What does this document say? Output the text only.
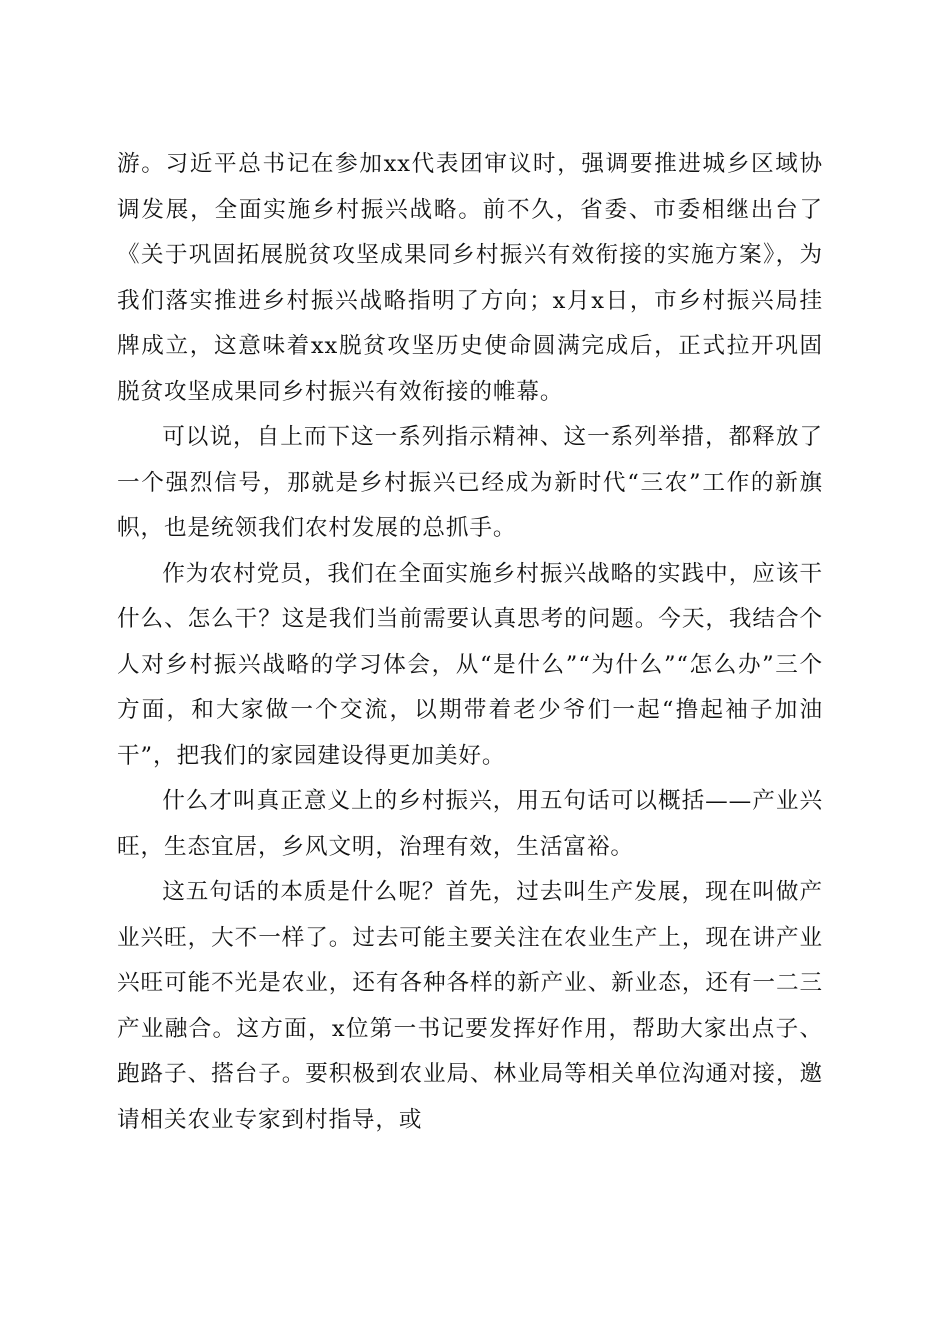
游。习近平总书记在参加xx代表团审议时，强调要推进城乡区域协调发展，全面实施乡村振兴战略。前不久，省委、市委相继出台了《关于巩固拓展脱贫攻坚成果同乡村振兴有效衔接的实施方案》，为我们落实推进乡村振兴战略指明了方向；x月x日，市乡村振兴局挂牌成立，这意味着xx脱贫攻坚历史使命圆满完成后，正式拉开巩固脱贫攻坚成果同乡村振兴有效衔接的帷幕。

可以说，自上而下这一系列指示精神、这一系列举措，都释放了一个强烈信号，那就是乡村振兴已经成为新时代“三农”工作的新旗帜，也是统领我们农村发展的总抓手。

作为农村党员，我们在全面实施乡村振兴战略的实践中，应该干什么、怎么干？这是我们当前需要认真思考的问题。今天，我结合个人对乡村振兴战略的学习体会，从“是什么”“为什么”“怎么办”三个方面，和大家做一个交流，以期带着老少爷们一起“撸起袖子加油干”，把我们的家园建设得更加美好。

什么才叫真正意义上的乡村振兴，用五句话可以概括——产业兴旺，生态宜居，乡风文明，治理有效，生活富裕。

这五句话的本质是什么呢？首先，过去叫生产发展，现在叫做产业兴旺，大不一样了。过去可能主要关注在农业生产上，现在讲产业兴旺可能不光是农业，还有各种各样的新产业、新业态，还有一二三产业融合。这方面，x位第一书记要发挥好作用，帮助大家出点子、跑路子、搭台子。要积极到农业局、林业局等相关单位沟通对接，邀请相关农业专家到村指导，或
